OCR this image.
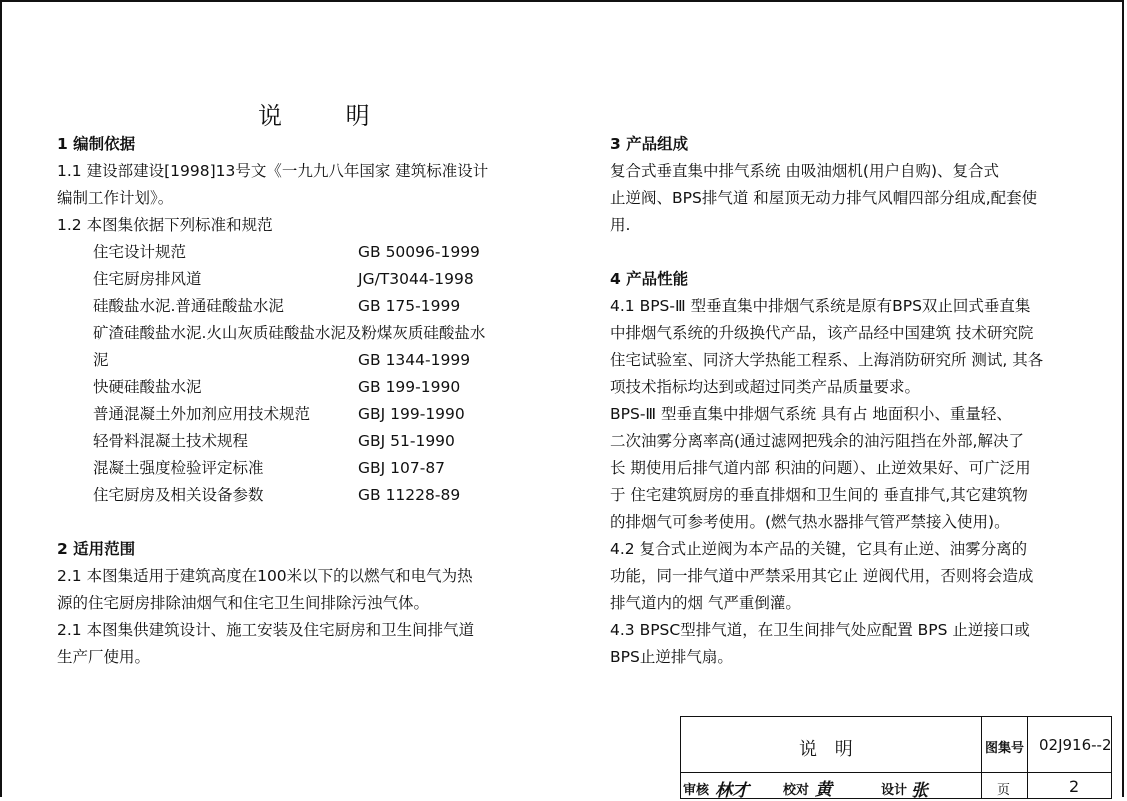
说 明
1 编制依据
1.1 建设部建设[1998]13号文《一九九八年国家 建筑标准设计
编制工作计划》。
1.2 本图集依据下列标准和规范
住宅设计规范	GB 50096-1999
住宅厨房排风道	JG/T3044-1998
硅酸盐水泥.普通硅酸盐水泥	GB 175-1999
矿渣硅酸盐水泥.火山灰质硅酸盐水泥及粉煤灰质硅酸盐水
泥	GB 1344-1999
快硬硅酸盐水泥	GB 199-1990
普通混凝土外加剂应用技术规范	GBJ 199-1990
轻骨料混凝土技术规程	GBJ 51-1990
混凝土强度检验评定标准	GBJ 107-87
住宅厨房及相关设备参数	GB 11228-89
2 适用范围
2.1 本图集适用于建筑高度在100米以下的以燃气和电气为热
源的住宅厨房排除油烟气和住宅卫生间排除污浊气体。
2.1 本图集供建筑设计、施工安装及住宅厨房和卫生间排气道
生产厂使用。
3 产品组成
复合式垂直集中排气系统 由吸油烟机(用户自购)、复合式
止逆阀、BPS排气道 和屋顶无动力排气风帽四部分组成,配套使
用.
4 产品性能
4.1 BPS-Ⅲ 型垂直集中排烟气系统是原有BPS双止回式垂直集
中排烟气系统的升级换代产品，该产品经中国建筑 技术研究院
住宅试验室、同济大学热能工程系、上海消防研究所 测试, 其各
项技术指标均达到或超过同类产品质量要求。
BPS-Ⅲ 型垂直集中排烟气系统 具有占 地面积小、重量轻、
二次油雾分离率高(通过滤网把残余的油污阻挡在外部,解决了
长 期使用后排气道内部 积油的问题）、止逆效果好、可广泛用
于 住宅建筑厨房的垂直排烟和卫生间的 垂直排气,其它建筑物
的排烟气可参考使用。(燃气热水器排气管严禁接入使用)。
4.2 复合式止逆阀为本产品的关键，它具有止逆、油雾分离的
功能，同一排气道中严禁采用其它止 逆阀代用，否则将会造成
排气道内的烟 气严重倒灌。
4.3 BPSC型排气道，在卫生间排气处应配置 BPS 止逆接口或
BPS止逆排气扇。
说 明	图集号 02J916--2
审核 林才	校对 黄	设计 张	页	2
